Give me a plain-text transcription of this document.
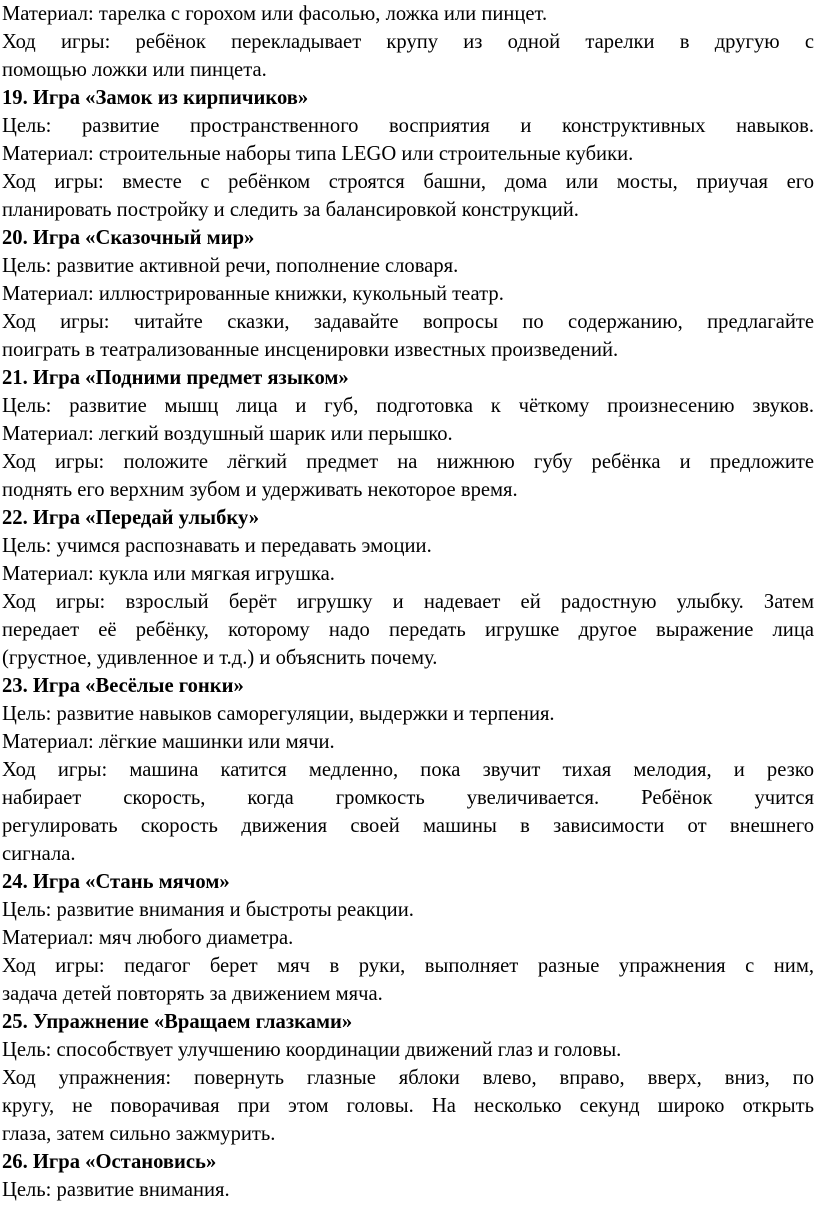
Материал: тарелка с горохом или фасолью, ложка или пинцет.
Ход игры: ребёнок перекладывает крупу из одной тарелки в другую с
помощью ложки или пинцета.
19. Игра «Замок из кирпичиков»
Цель: развитие пространственного восприятия и конструктивных навыков.
Материал: строительные наборы типа LEGO или строительные кубики.
Ход игры: вместе с ребёнком строятся башни, дома или мосты, приучая его
планировать постройку и следить за балансировкой конструкций.
20. Игра «Сказочный мир»
Цель: развитие активной речи, пополнение словаря.
Материал: иллюстрированные книжки, кукольный театр.
Ход игры: читайте сказки, задавайте вопросы по содержанию, предлагайте
поиграть в театрализованные инсценировки известных произведений.
21. Игра «Подними предмет языком»
Цель: развитие мышц лица и губ, подготовка к чёткому произнесению звуков.
Материал: легкий воздушный шарик или перышко.
Ход игры: положите лёгкий предмет на нижнюю губу ребёнка и предложите
поднять его верхним зубом и удерживать некоторое время.
22. Игра «Передай улыбку»
Цель: учимся распознавать и передавать эмоции.
Материал: кукла или мягкая игрушка.
Ход игры: взрослый берёт игрушку и надевает ей радостную улыбку. Затем
передает её ребёнку, которому надо передать игрушке другое выражение лица
(грустное, удивленное и т.д.) и объяснить почему.
23. Игра «Весёлые гонки»
Цель: развитие навыков саморегуляции, выдержки и терпения.
Материал: лёгкие машинки или мячи.
Ход игры: машина катится медленно, пока звучит тихая мелодия, и резко
набирает скорость, когда громкость увеличивается. Ребёнок учится
регулировать скорость движения своей машины в зависимости от внешнего
сигнала.
24. Игра «Стань мячом»
Цель: развитие внимания и быстроты реакции.
Материал: мяч любого диаметра.
Ход игры: педагог берет мяч в руки, выполняет разные упражнения с ним,
задача детей повторять за движением мяча.
25. Упражнение «Вращаем глазками»
Цель: способствует улучшению координации движений глаз и головы.
Ход упражнения: повернуть глазные яблоки влево, вправо, вверх, вниз, по
кругу, не поворачивая при этом головы. На несколько секунд широко открыть
глаза, затем сильно зажмурить.
26. Игра «Остановись»
Цель: развитие внимания.
